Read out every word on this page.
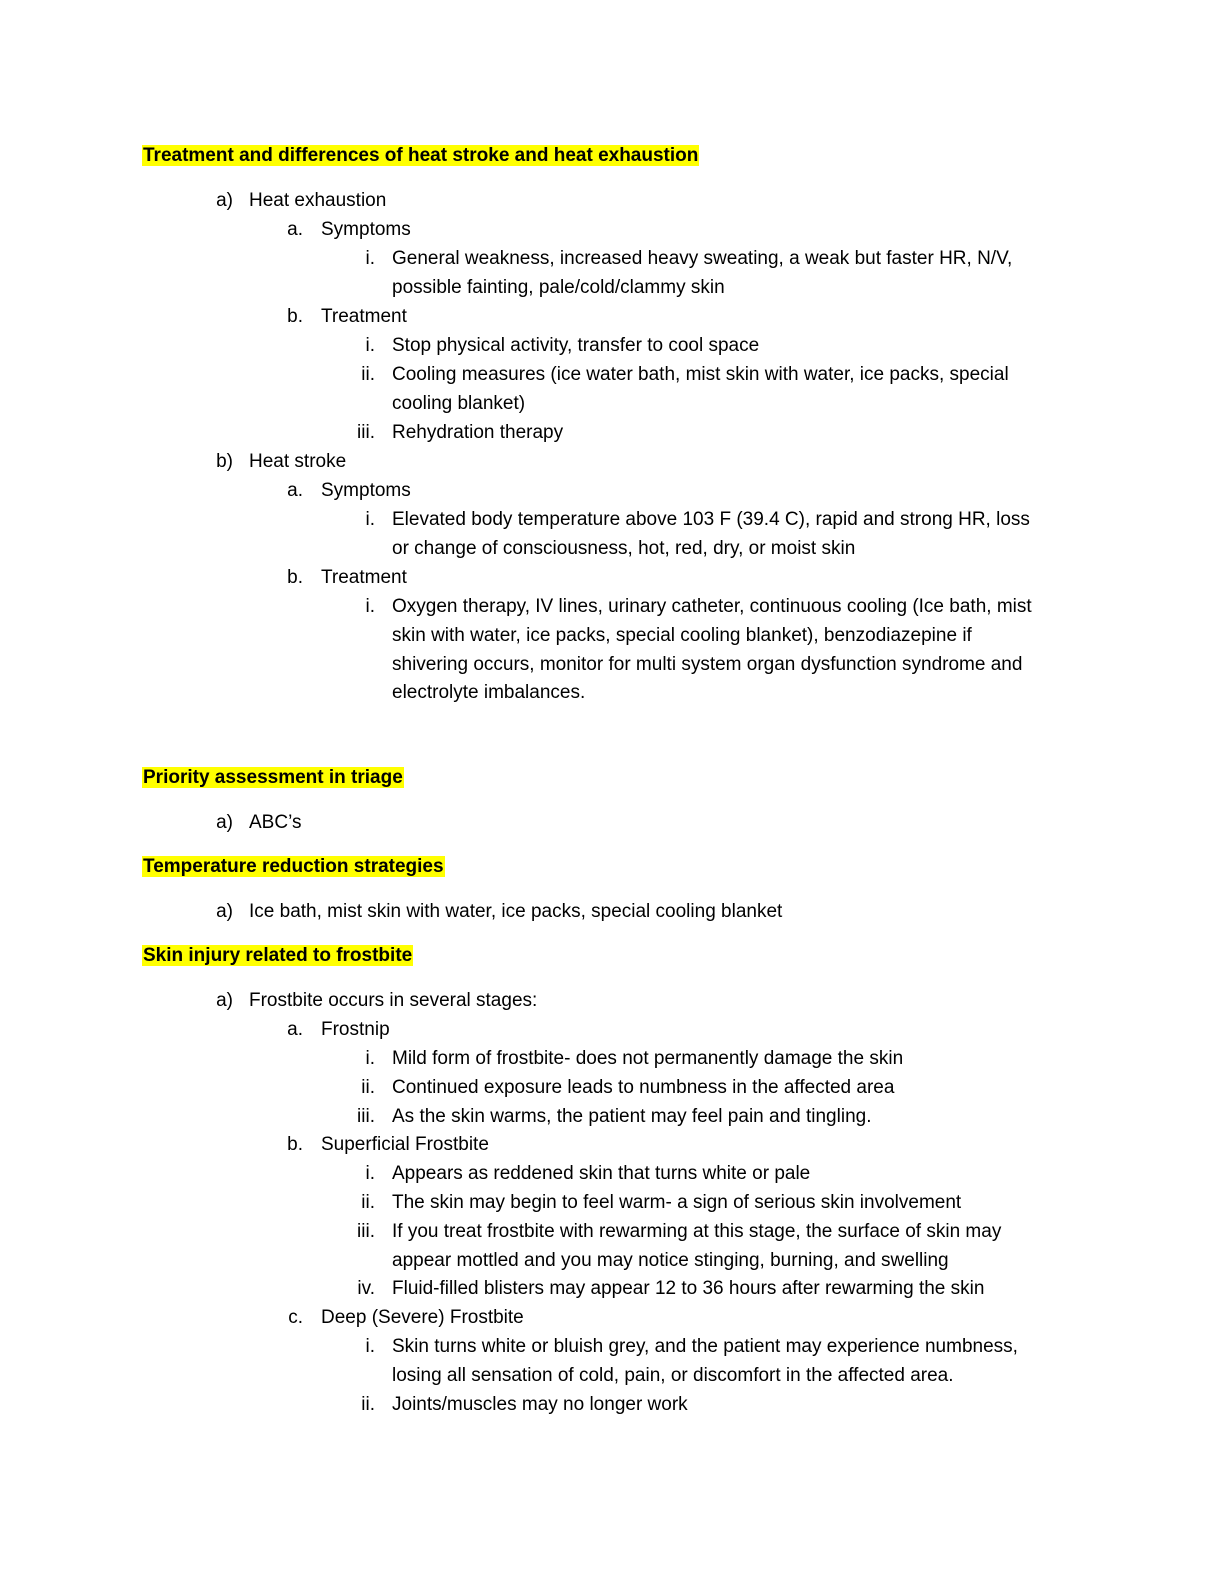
Treatment and differences of heat stroke and heat exhaustion
a) Heat exhaustion
a. Symptoms
i. General weakness, increased heavy sweating, a weak but faster HR, N/V,
possible fainting, pale/cold/clammy skin
b. Treatment
i. Stop physical activity, transfer to cool space
ii. Cooling measures (ice water bath, mist skin with water, ice packs, special
cooling blanket)
iii. Rehydration therapy
b) Heat stroke
a. Symptoms
i. Elevated body temperature above 103 F (39.4 C), rapid and strong HR, loss
or change of consciousness, hot, red, dry, or moist skin
b. Treatment
i. Oxygen therapy, IV lines, urinary catheter, continuous cooling (Ice bath, mist
skin with water, ice packs, special cooling blanket), benzodiazepine if
shivering occurs, monitor for multi system organ dysfunction syndrome and
electrolyte imbalances.
Priority assessment in triage
a) ABC’s
Temperature reduction strategies
a) Ice bath, mist skin with water, ice packs, special cooling blanket
Skin injury related to frostbite
a) Frostbite occurs in several stages:
a. Frostnip
i. Mild form of frostbite- does not permanently damage the skin
ii. Continued exposure leads to numbness in the affected area
iii. As the skin warms, the patient may feel pain and tingling.
b. Superficial Frostbite
i. Appears as reddened skin that turns white or pale
ii. The skin may begin to feel warm- a sign of serious skin involvement
iii. If you treat frostbite with rewarming at this stage, the surface of skin may
appear mottled and you may notice stinging, burning, and swelling
iv. Fluid-filled blisters may appear 12 to 36 hours after rewarming the skin
c. Deep (Severe) Frostbite
i. Skin turns white or bluish grey, and the patient may experience numbness,
losing all sensation of cold, pain, or discomfort in the affected area.
ii. Joints/muscles may no longer work
